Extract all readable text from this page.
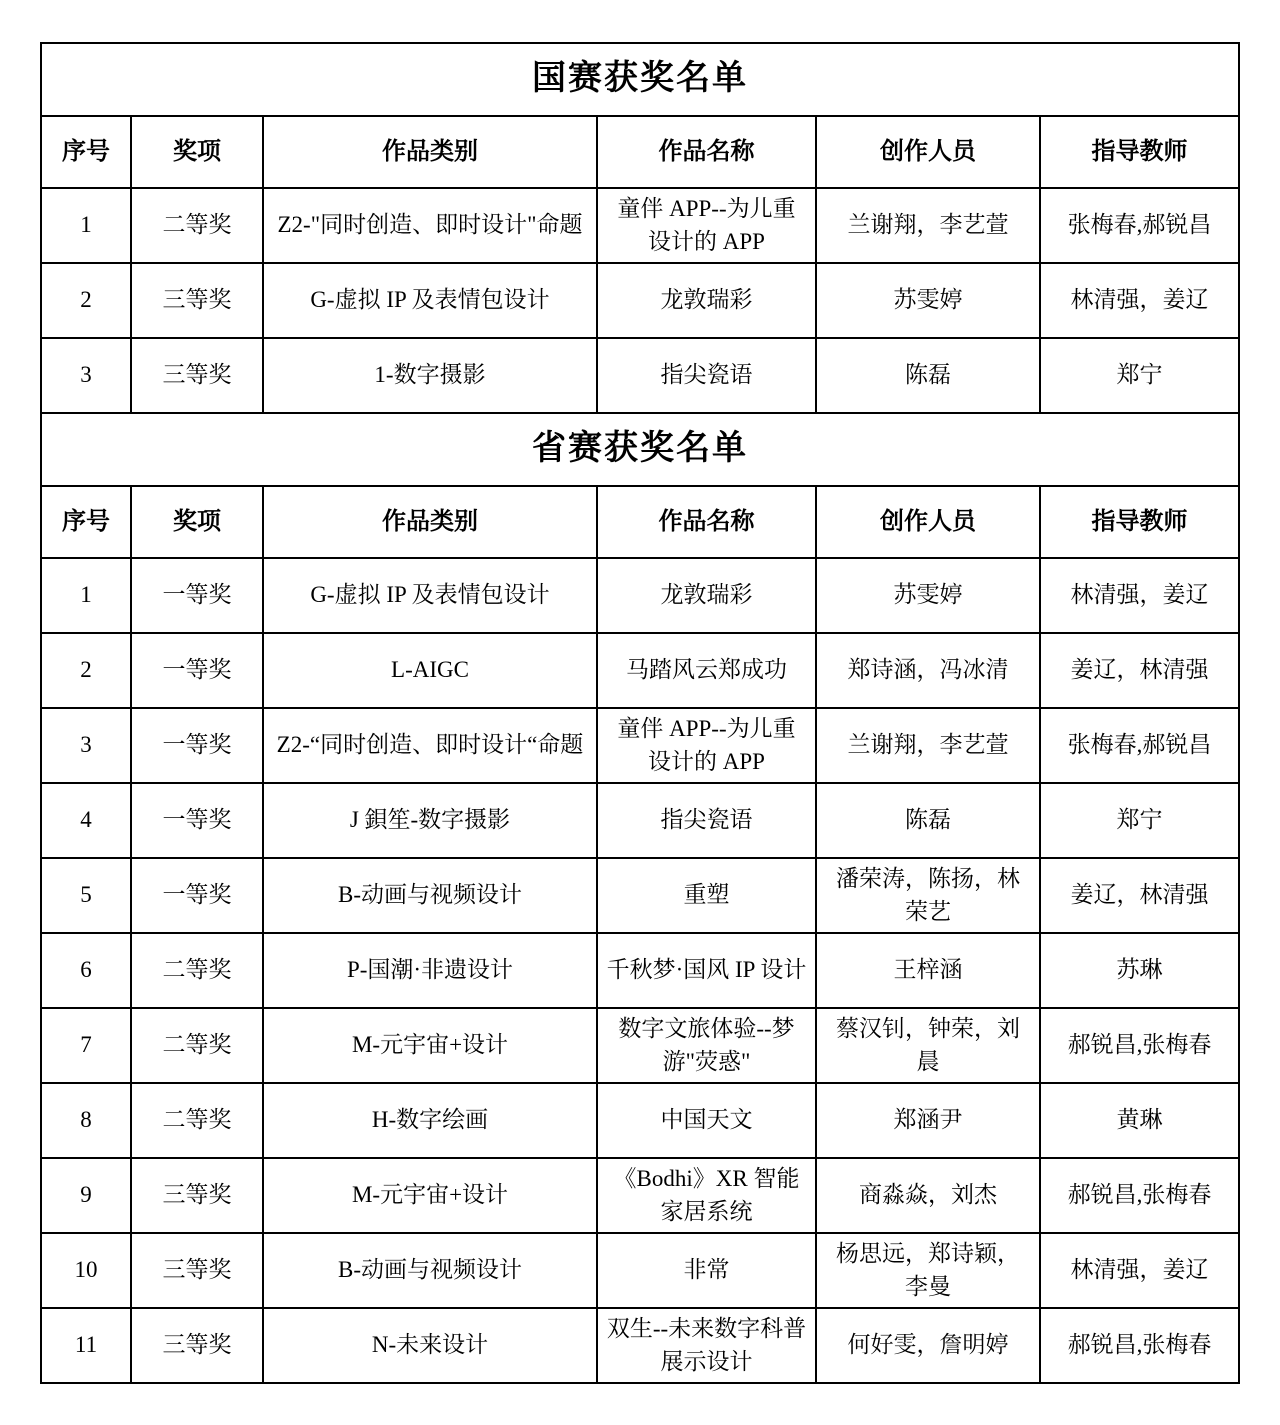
国赛获奖名单					
序号	奖项	作品类别	作品名称	创作人员	指导教师
1	二等奖	Z2-"同时创造、即时设计"命题	童伴 APP--为儿重设计的 APP	兰谢翔，李艺萱	张梅春,郝锐昌
2	三等奖	G-虚拟 IP 及表情包设计	龙敦瑞彩	苏雯婷	林清强，姜辽
3	三等奖	1-数字摄影	指尖瓷语	陈磊	郑宁
省赛获奖名单					
序号	奖项	作品类别	作品名称	创作人员	指导教师
1	一等奖	G-虚拟 IP 及表情包设计	龙敦瑞彩	苏雯婷	林清强，姜辽
2	一等奖	L-AIGC	马踏风云郑成功	郑诗涵，冯冰清	姜辽，林清强
3	一等奖	Z2-“同时创造、即时设计“命题	童伴 APP--为儿重设计的 APP	兰谢翔，李艺萱	张梅春,郝锐昌
4	一等奖	J 鋇笙-数字摄影	指尖瓷语	陈磊	郑宁
5	一等奖	B-动画与视频设计	重塑	潘荣涛，陈扬，林荣艺	姜辽，林清强
6	二等奖	P-国潮·非遗设计	千秋梦·国风 IP 设计	王梓涵	苏琳
7	二等奖	M-元宇宙+设计	数字文旅体验--梦游"荧惑"	蔡汉钊，钟荣，刘晨	郝锐昌,张梅春
8	二等奖	H-数字绘画	中国天文	郑涵尹	黄琳
9	三等奖	M-元宇宙+设计	《Bodhi》XR 智能家居系统	商淼焱，刘杰	郝锐昌,张梅春
10	三等奖	B-动画与视频设计	非常	杨思远，郑诗颖，李曼	林清强，姜辽
11	三等奖	N-未来设计	双生--未来数字科普展示设计	何好雯，詹明婷	郝锐昌,张梅春
